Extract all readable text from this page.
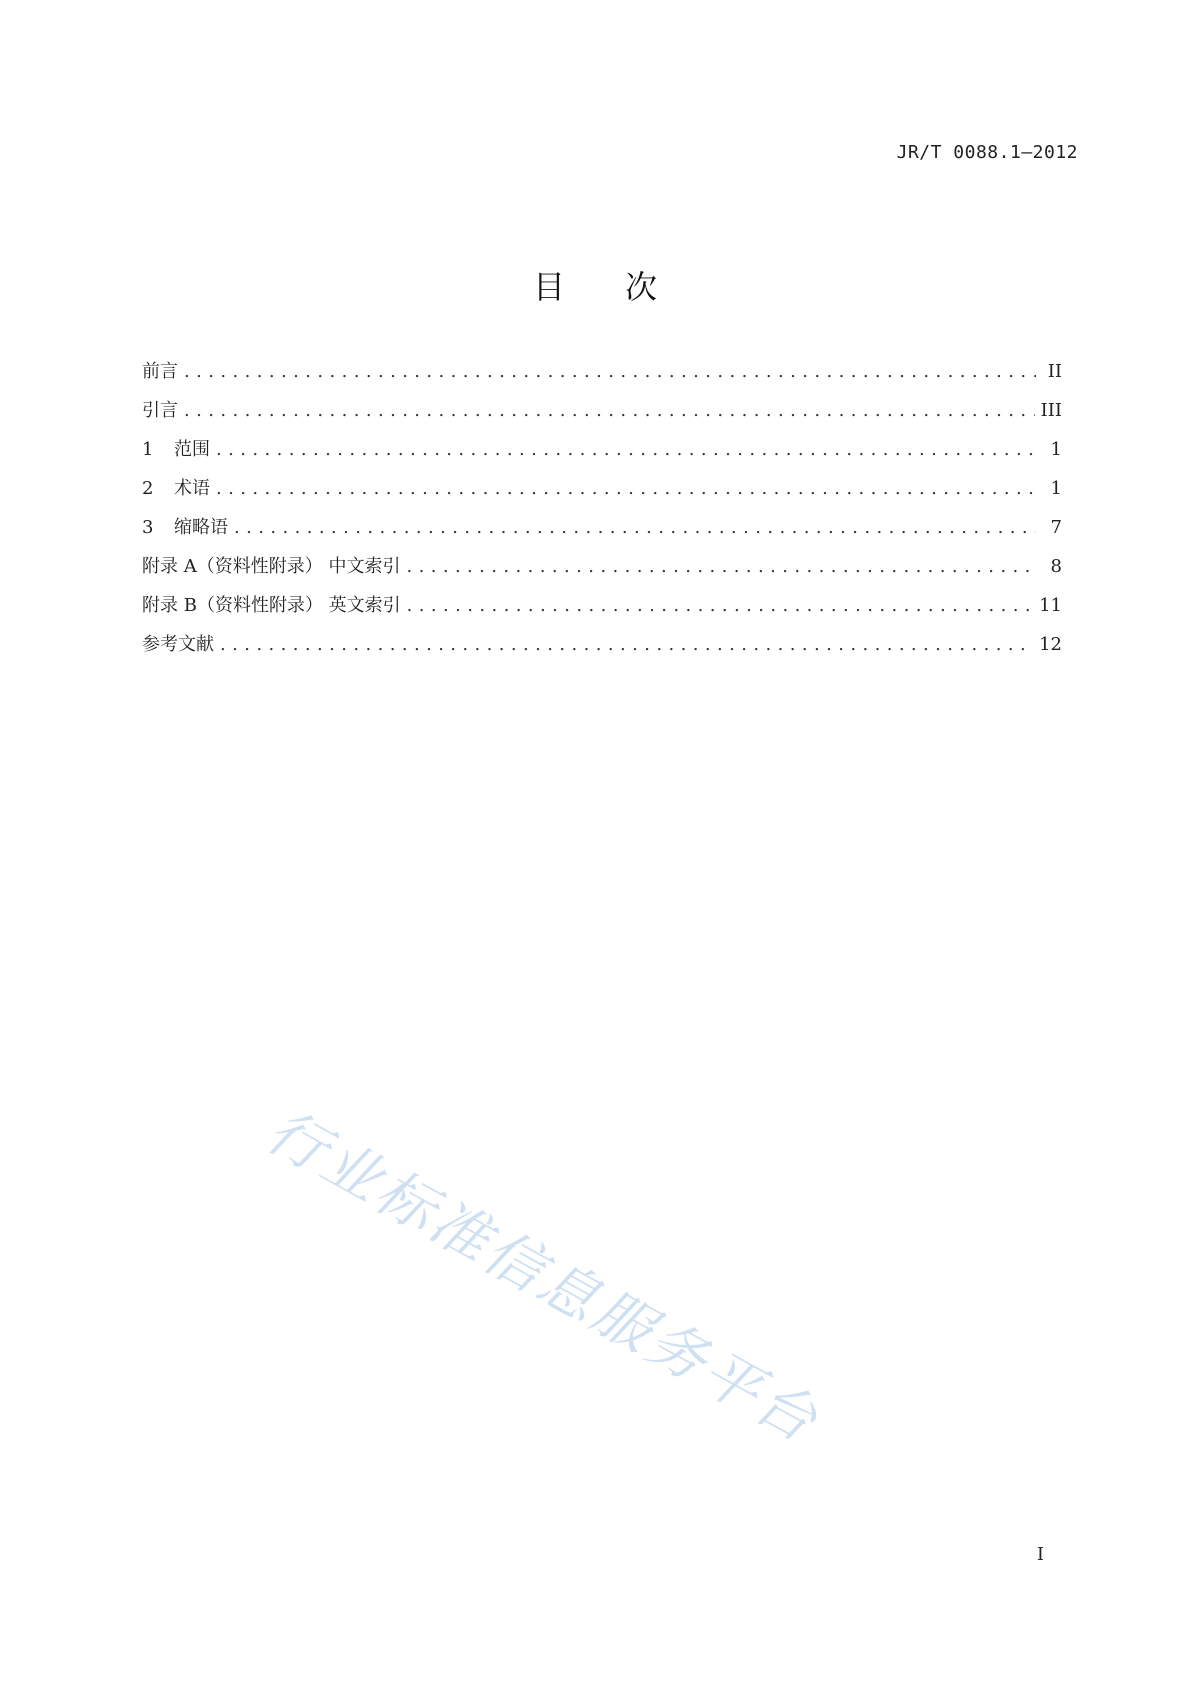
JR/T 0088.1—2012
目次
前言 .....	II
引言 .....	III
1 范围 .....	1
2 术语 .....	1
3 缩略语 .....	7
附录 A（资料性附录） 中文索引 .....	8
附录 B（资料性附录） 英文索引 .....	11
参考文献 .....	12
行业标准信息服务平台
I
